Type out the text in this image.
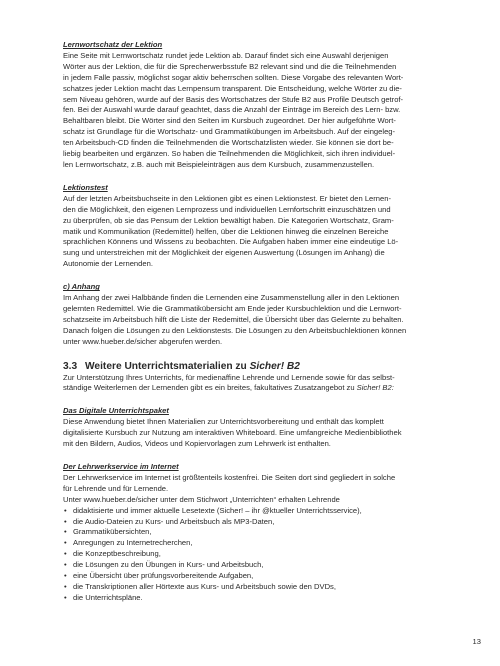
Lernwortschatz der Lektion

Eine Seite mit Lernwortschatz rundet jede Lektion ab. Darauf findet sich eine Auswahl derjenigen
Wörter aus der Lektion, die für die Sprecherwerbsstufe B2 relevant sind und die die Teilnehmenden
in jedem Falle passiv, möglichst sogar aktiv beherrschen sollten. Diese Vorgabe des relevanten Wort-
schatzes jeder Lektion macht das Lernpensum transparent. Die Entscheidung, welche Wörter zu die-
sem Niveau gehören, wurde auf der Basis des Wortschatzes der Stufe B2 aus Profile Deutsch getrof-
fen. Bei der Auswahl wurde darauf geachtet, dass die Anzahl der Einträge im Bereich des Lern- bzw.
Behaltbaren bleibt. Die Wörter sind den Seiten im Kursbuch zugeordnet. Der hier aufgeführte Wort-
schatz ist Grundlage für die Wortschatz- und Grammatikübungen im Arbeitsbuch. Auf der eingeleg-
ten Arbeitsbuch-CD finden die Teilnehmenden die Wortschatzlisten wieder. Sie können sie dort be-
liebig bearbeiten und ergänzen. So haben die Teilnehmenden die Möglichkeit, sich ihren individuel-
len Lernwortschatz, z.B. auch mit Beispieleinträgen aus dem Kursbuch, zusammenzustellen.

Lektionstest

Auf der letzten Arbeitsbuchseite in den Lektionen gibt es einen Lektionstest. Er bietet den Lernen-
den die Möglichkeit, den eigenen Lernprozess und individuellen Lernfortschritt einzuschätzen und
zu überprüfen, ob sie das Pensum der Lektion bewältigt haben. Die Kategorien Wortschatz, Gram-
matik und Kommunikation (Redemittel) helfen, über die Lektionen hinweg die einzelnen Bereiche
sprachlichen Könnens und Wissens zu beobachten. Die Aufgaben haben immer eine eindeutige Lö-
sung und unterstreichen mit der Möglichkeit der eigenen Auswertung (Lösungen im Anhang) die
Autonomie der Lernenden.

c) Anhang

Im Anhang der zwei Halbbände finden die Lernenden eine Zusammenstellung aller in den Lektionen
gelernten Redemittel. Wie die Grammatikübersicht am Ende jeder Kursbuchlektion und die Lernwort-
schatzseite im Arbeitsbuch hilft die Liste der Redemittel, die Übersicht über das Gelernte zu behalten.
Danach folgen die Lösungen zu den Lektionstests. Die Lösungen zu den Arbeitsbuchlektionen können
unter www.hueber.de/sicher abgerufen werden.

3.3 Weitere Unterrichtsmaterialien zu Sicher! B2

Zur Unterstützung Ihres Unterrichts, für medienaffine Lehrende und Lernende sowie für das selbst-
ständige Weiterlernen der Lernenden gibt es ein breites, fakultatives Zusatzangebot zu Sicher! B2:

Das Digitale Unterrichtspaket

Diese Anwendung bietet Ihnen Materialien zur Unterrichtsvorbereitung und enthält das komplett
digitalisierte Kursbuch zur Nutzung am interaktiven Whiteboard. Eine umfangreiche Medienbibliothek
mit den Bildern, Audios, Videos und Kopiervorlagen zum Lehrwerk ist enthalten.

Der Lehrwerkservice im Internet

Der Lehrwerkservice im Internet ist größtenteils kostenfrei. Die Seiten dort sind gegliedert in solche
für Lehrende und für Lernende.
Unter www.hueber.de/sicher unter dem Stichwort „Unterrichten“ erhalten Lehrende

• didaktisierte und immer aktuelle Lesetexte (Sicher! – ihr @ktueller Unterrichtsservice),
• die Audio-Dateien zu Kurs- und Arbeitsbuch als MP3-Daten,
• Grammatikübersichten,
• Anregungen zu Internetrecherchen,
• die Konzeptbeschreibung,
• die Lösungen zu den Übungen in Kurs- und Arbeitsbuch,
• eine Übersicht über prüfungsvorbereitende Aufgaben,
• die Transkriptionen aller Hörtexte aus Kurs- und Arbeitsbuch sowie den DVDs,
• die Unterrichtspläne.
13
